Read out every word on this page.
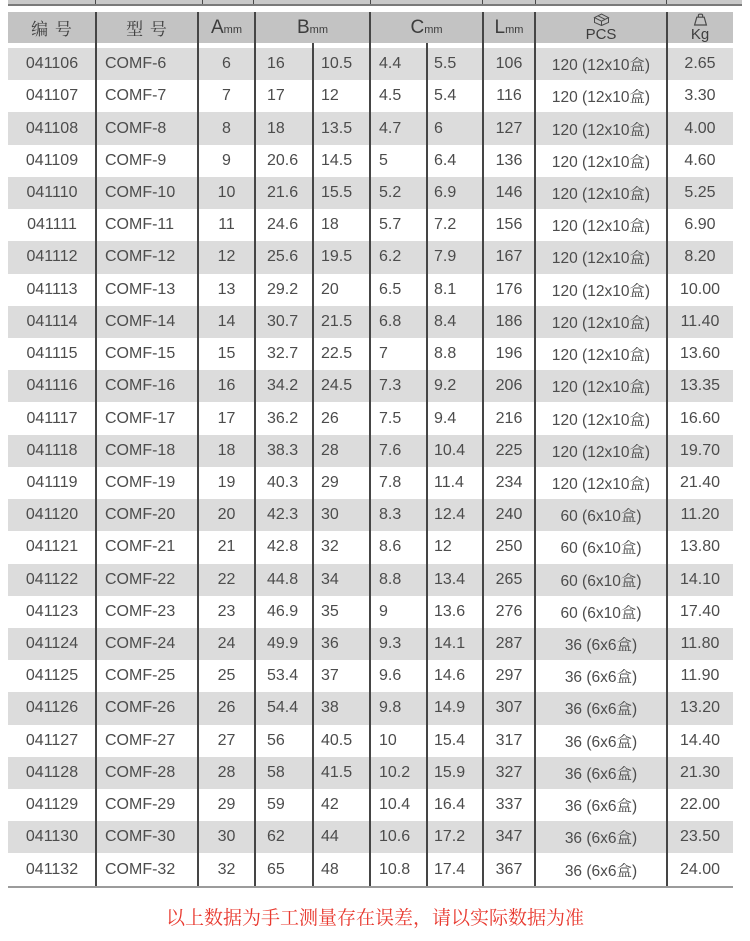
编 号	型 号	A mm	B mm	C mm	L mm	PCS	Kg
041106	COMF-6	6	16	10.5	4.4	5.5	106	120 (12x10盒)	2.65
041107	COMF-7	7	17	12	4.5	5.4	116	120 (12x10盒)	3.30
041108	COMF-8	8	18	13.5	4.7	6	127	120 (12x10盒)	4.00
041109	COMF-9	9	20.6	14.5	5	6.4	136	120 (12x10盒)	4.60
041110	COMF-10	10	21.6	15.5	5.2	6.9	146	120 (12x10盒)	5.25
041111	COMF-11	11	24.6	18	5.7	7.2	156	120 (12x10盒)	6.90
041112	COMF-12	12	25.6	19.5	6.2	7.9	167	120 (12x10盒)	8.20
041113	COMF-13	13	29.2	20	6.5	8.1	176	120 (12x10盒)	10.00
041114	COMF-14	14	30.7	21.5	6.8	8.4	186	120 (12x10盒)	11.40
041115	COMF-15	15	32.7	22.5	7	8.8	196	120 (12x10盒)	13.60
041116	COMF-16	16	34.2	24.5	7.3	9.2	206	120 (12x10盒)	13.35
041117	COMF-17	17	36.2	26	7.5	9.4	216	120 (12x10盒)	16.60
041118	COMF-18	18	38.3	28	7.6	10.4	225	120 (12x10盒)	19.70
041119	COMF-19	19	40.3	29	7.8	11.4	234	120 (12x10盒)	21.40
041120	COMF-20	20	42.3	30	8.3	12.4	240	60 (6x10盒)	11.20
041121	COMF-21	21	42.8	32	8.6	12	250	60 (6x10盒)	13.80
041122	COMF-22	22	44.8	34	8.8	13.4	265	60 (6x10盒)	14.10
041123	COMF-23	23	46.9	35	9	13.6	276	60 (6x10盒)	17.40
041124	COMF-24	24	49.9	36	9.3	14.1	287	36 (6x6盒)	11.80
041125	COMF-25	25	53.4	37	9.6	14.6	297	36 (6x6盒)	11.90
041126	COMF-26	26	54.4	38	9.8	14.9	307	36 (6x6盒)	13.20
041127	COMF-27	27	56	40.5	10	15.4	317	36 (6x6盒)	14.40
041128	COMF-28	28	58	41.5	10.2	15.9	327	36 (6x6盒)	21.30
041129	COMF-29	29	59	42	10.4	16.4	337	36 (6x6盒)	22.00
041130	COMF-30	30	62	44	10.6	17.2	347	36 (6x6盒)	23.50
041132	COMF-32	32	65	48	10.8	17.4	367	36 (6x6盒)	24.00
以上数据为手工测量存在误差，请以实际数据为准
